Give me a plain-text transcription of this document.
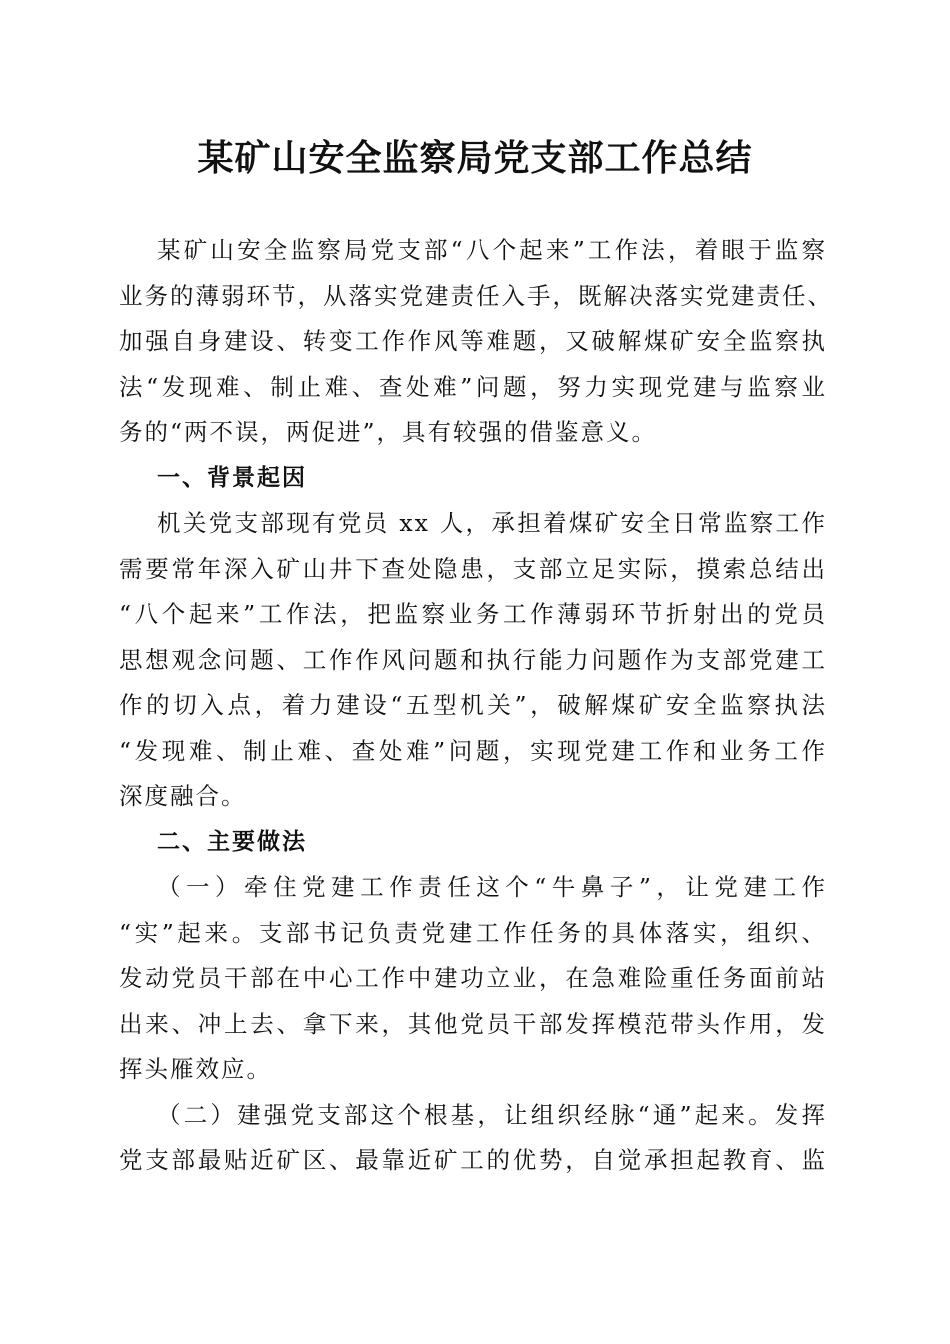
某矿山安全监察局党支部工作总结
某矿山安全监察局党支部“八个起来”工作法，着眼于监察
业务的薄弱环节，从落实党建责任入手，既解决落实党建责任、
加强自身建设、转变工作作风等难题，又破解煤矿安全监察执
法“发现难、制止难、查处难”问题，努力实现党建与监察业
务的“两不误，两促进”，具有较强的借鉴意义。
一、背景起因
机关党支部现有党员 xx 人，承担着煤矿安全日常监察工作
需要常年深入矿山井下查处隐患，支部立足实际，摸索总结出
“八个起来”工作法，把监察业务工作薄弱环节折射出的党员
思想观念问题、工作作风问题和执行能力问题作为支部党建工
作的切入点，着力建设“五型机关”，破解煤矿安全监察执法
“发现难、制止难、查处难”问题，实现党建工作和业务工作
深度融合。
二、主要做法
（一）牵住党建工作责任这个“牛鼻子”，让党建工作
“实”起来。支部书记负责党建工作任务的具体落实，组织、
发动党员干部在中心工作中建功立业，在急难险重任务面前站
出来、冲上去、拿下来，其他党员干部发挥模范带头作用，发
挥头雁效应。
（二）建强党支部这个根基，让组织经脉“通”起来。发挥
党支部最贴近矿区、最靠近矿工的优势，自觉承担起教育、监
